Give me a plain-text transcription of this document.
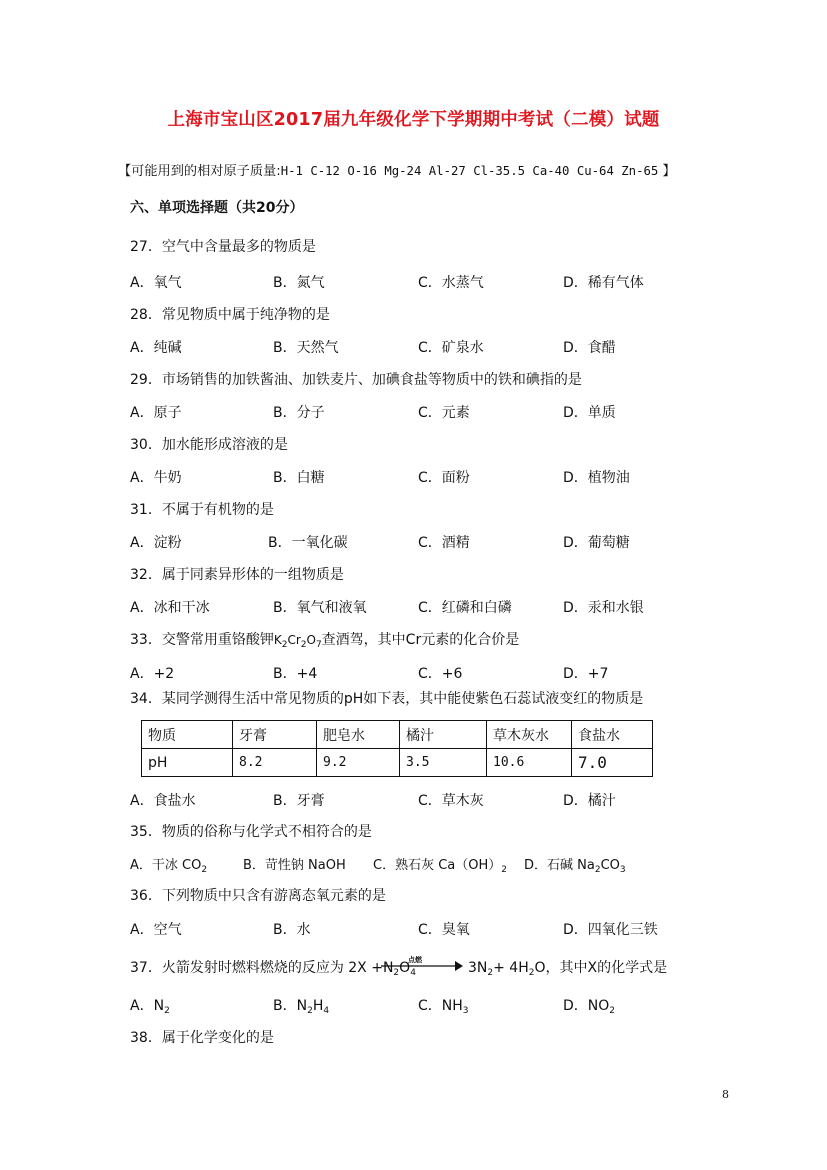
上海市宝山区2017届九年级化学下学期期中考试（二模）试题
【可能用到的相对原子质量:H-1 C-12 O-16 Mg-24 Al-27 Cl-35.5 Ca-40 Cu-64 Zn-65 】
六、单项选择题（共20分）
27．空气中含量最多的物质是
A．氧气	B．氮气	C．水蒸气	D．稀有气体
28．常见物质中属于纯净物的是
A．纯碱	B．天然气	C．矿泉水	D．食醋
29．市场销售的加铁酱油、加铁麦片、加碘食盐等物质中的铁和碘指的是
A．原子	B．分子	C．元素	D．单质
30．加水能形成溶液的是
A．牛奶	B．白糖	C．面粉	D．植物油
31．不属于有机物的是
A．淀粉	B．一氧化碳	C．酒精	D．葡萄糖
32．属于同素异形体的一组物质是
A．冰和干冰	B．氧气和液氧	C．红磷和白磷	D．汞和水银
33．交警常用重铬酸钾$K_2Cr_2O_7$查酒驾，其中Cr元素的化合价是
A．+2	B．+4	C．+6	D．+7
34．某同学测得生活中常见物质的pH如下表，其中能使紫色石蕊试液变红的物质是
物质	牙膏	肥皂水	橘汁	草木灰水	食盐水
pH	8.2	9.2	3.5	10.6	7.0
A．食盐水	B．牙膏	C．草木灰	D．橘汁
35．物质的俗称与化学式不相符合的是
A．干冰 $CO_2$	B．苛性钠 NaOH C．熟石灰 $Ca(OH)_2$ D．石碱 $Na_2CO_3$
36．下列物质中只含有游离态氧元素的是
A．空气	B．水	C．臭氧	D．四氧化三铁
37．火箭发射时燃料燃烧的反应为 $2X +N_2O_4$
点燃	$3N_2+ 4H_2O$，其中X的化学式是
A．$N_2$	B．$N_2H_4$	C．$NH_3$	D．$NO_2$
38．属于化学变化的是
8
